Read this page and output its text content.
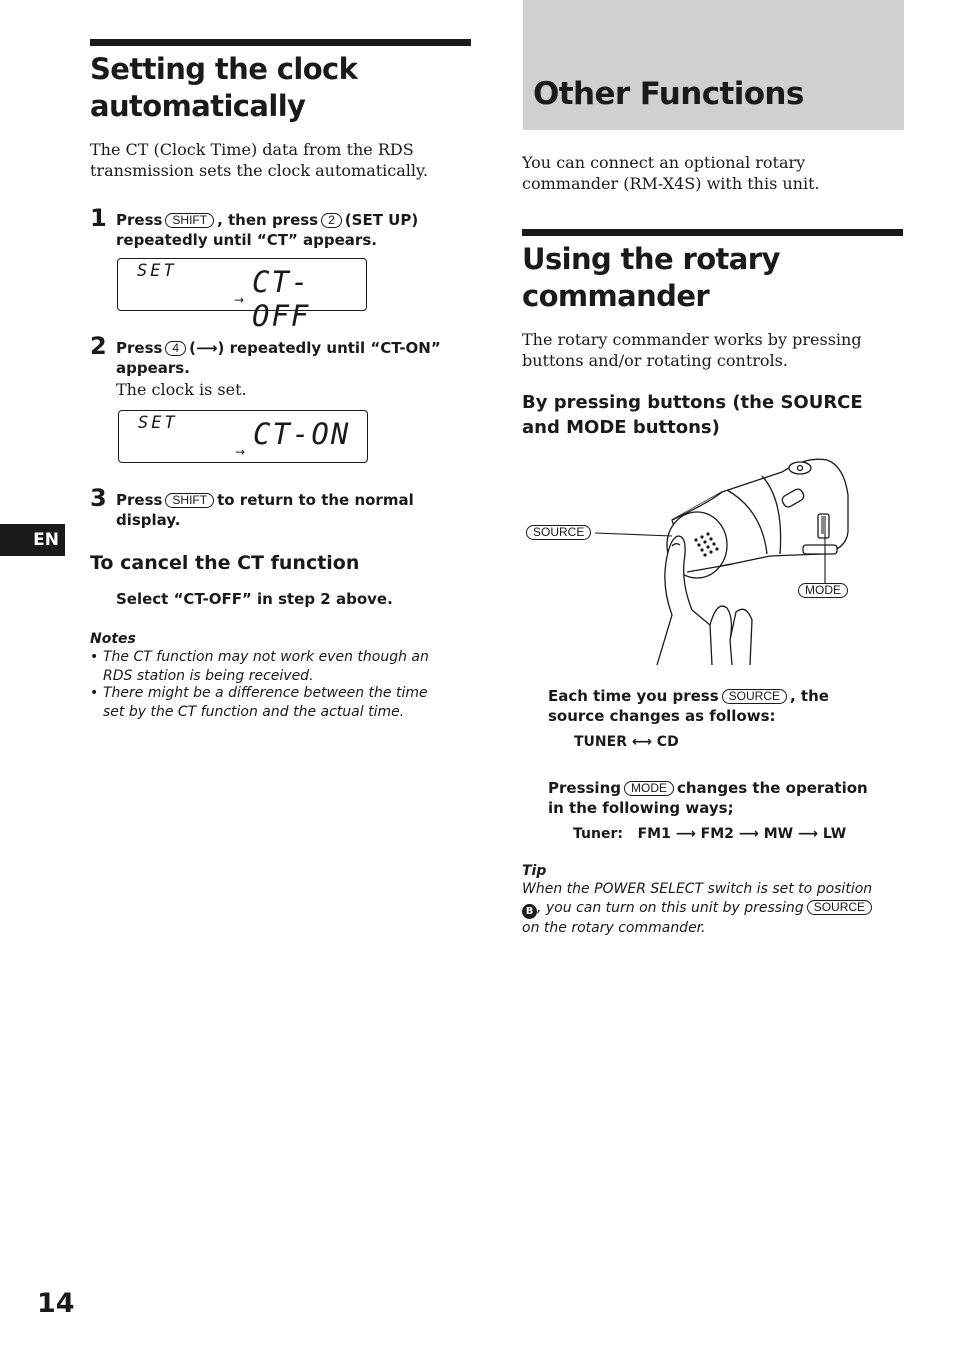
Setting the clock
automatically
The CT (Clock Time) data from the RDS
transmission sets the clock automatically.
1 Press SHIFT , then press 2 (SET UP)
repeatedly until “CT” appears.
SET	CT-OFF
→
2 Press 4 (⟶) repeatedly until “CT-ON”
appears.
The clock is set.
SET	CT-ON
→
3 Press SHIFT to return to the normal
display.
To cancel the CT function
Select “CT-OFF” in step 2 above.
Notes
• The CT function may not work even though an
RDS station is being received.
• There might be a difference between the time
set by the CT function and the actual time.
EN
14
Other Functions
You can connect an optional rotary
commander (RM-X4S) with this unit.
Using the rotary
commander
The rotary commander works by pressing
buttons and/or rotating controls.
By pressing buttons (the SOURCE
and MODE buttons)
SOURCE
MODE
Each time you press SOURCE , the
source changes as follows:
TUNER ⟷ CD
Pressing MODE changes the operation
in the following ways;
Tuner: FM1 ⟶ FM2 ⟶ MW ⟶ LW
Tip
When the POWER SELECT switch is set to position
B , you can turn on this unit by pressing SOURCE
on the rotary commander.
